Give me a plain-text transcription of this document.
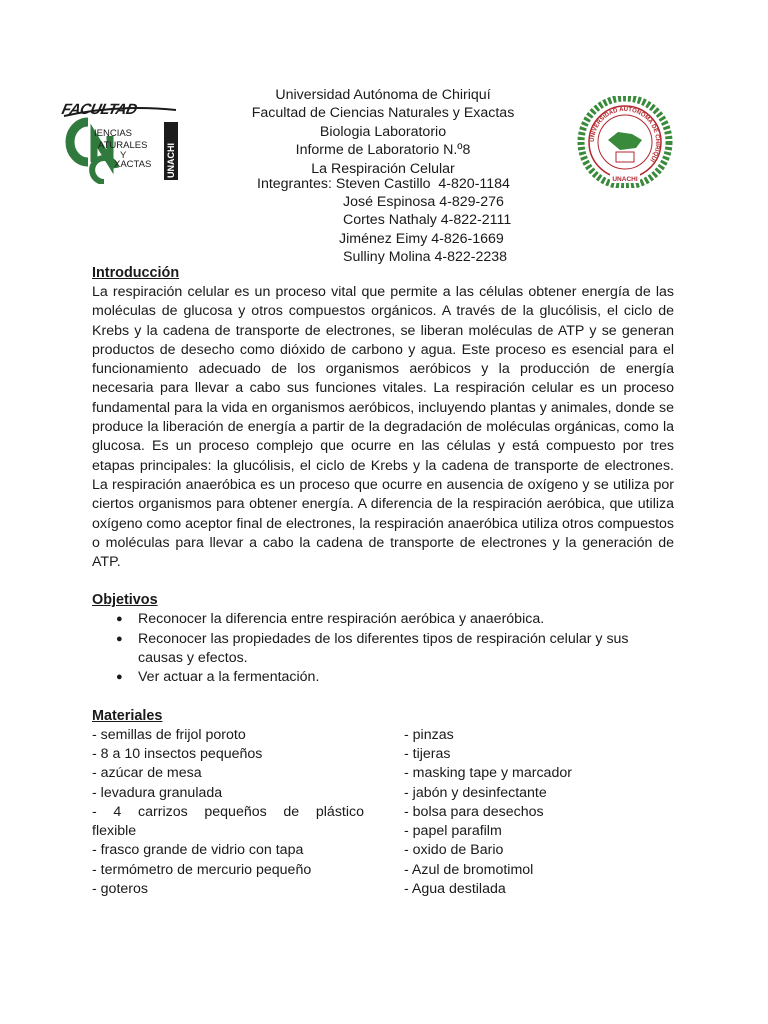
FACULTAD
IENCIAS
ATURALES
Y
XACTAS UNACHI
UNIVERSIDAD AUTÓNOMA DE CHIRIQUÍ
UNACHI
Universidad Autónoma de Chiriquí
Facultad de Ciencias Naturales y Exactas
Biologia Laboratorio
Informe de Laboratorio N.º8
La Respiración Celular
Integrantes: Steven Castillo  4-820-1184
José Espinosa 4-829-276
Cortes Nathaly 4-822-2111
Jiménez Eimy 4-826-1669
Sulliny Molina 4-822-2238
Introducción

La respiración celular es un proceso vital que permite a las células obtener energía de las moléculas de glucosa y otros compuestos orgánicos. A través de la glucólisis, el ciclo de Krebs y la cadena de transporte de electrones, se liberan moléculas de ATP y se generan productos de desecho como dióxido de carbono y agua. Este proceso es esencial para el funcionamiento adecuado de los organismos aeróbicos y la producción de energía necesaria para llevar a cabo sus funciones vitales. La respiración celular es un proceso fundamental para la vida en organismos aeróbicos, incluyendo plantas y animales, donde se produce la liberación de energía a partir de la degradación de moléculas orgánicas, como la glucosa. Es un proceso complejo que ocurre en las células y está compuesto por tres etapas principales: la glucólisis, el ciclo de Krebs y la cadena de transporte de electrones. La respiración anaeróbica es un proceso que ocurre en ausencia de oxígeno y se utiliza por ciertos organismos para obtener energía. A diferencia de la respiración aeróbica, que utiliza oxígeno como aceptor final de electrones, la respiración anaeróbica utiliza otros compuestos o moléculas para llevar a cabo la cadena de transporte de electrones y la generación de ATP.

Objetivos
● Reconocer la diferencia entre respiración aeróbica y anaeróbica.
● Reconocer las propiedades de los diferentes tipos de respiración celular y sus causas y efectos.
● Ver actuar a la fermentación.
Materiales
- semillas de frijol poroto
- 8 a 10 insectos pequeños
- azúcar de mesa
- levadura granulada
- 4 carrizos pequeños de plástico
flexible
- frasco grande de vidrio con tapa
- termómetro de mercurio pequeño
- goteros
- pinzas
- tijeras
- masking tape y marcador
- jabón y desinfectante
- bolsa para desechos
- papel parafilm
- oxido de Bario
- Azul de bromotimol
- Agua destilada
